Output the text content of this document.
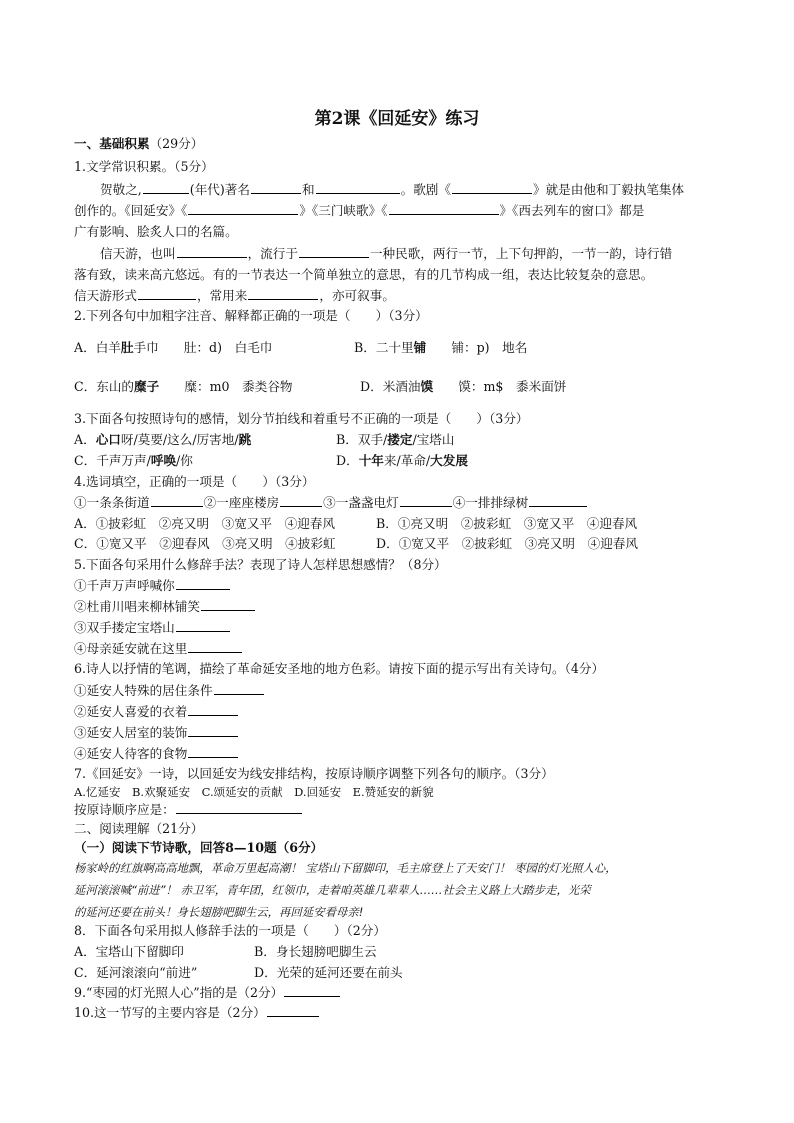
第2课《回延安》练习
一、基础积累（29分）
1.文学常识积累。（5分）
贺敬之,	(年代)著名	和	。歌剧《	》就是由他和丁毅执笔集体
创作的。《回延安》《	》《三门峡歌》《	》《西去列车的窗口》都是
广有影响、脍炙人口的名篇。
信天游，也叫	，流行于	一种民歌，两行一节，上下句押韵，一节一韵，诗行错
落有致，读来高亢悠远。有的一节表达一个简单独立的意思，有的几节构成一组，表达比较复杂的意思。
信天游形式	，常用来	，亦可叙事。
2.下列各句中加粗字注音、解释都正确的一项是（　　）（3分）
A．白羊肚手巾　　肚：d)　白毛巾	B．二十里铺　　铺：p)　地名
C．东山的糜子　　糜：m0　黍类谷物	D．米酒油馍　　馍：m$　黍米面饼
3.下面各句按照诗句的感情，划分节拍线和着重号不正确的一项是（　　）（3分）
A．心口呀/莫要/这么/厉害地/跳	B．双手/搂定/宝塔山
C．千声万声/呼唤/你	D．十年来/革命/大发展
4.选词填空，正确的一项是（　　）（3分）
①一条条街道	②一座座楼房	③一盏盏电灯	④一排排绿树
A．①披彩虹　②亮又明　③宽又平　④迎春风	B．①亮又明　②披彩虹　③宽又平　④迎春风
C．①宽又平　②迎春风　③亮又明　④披彩虹	D．①宽又平　②披彩虹　③亮又明　④迎春风
5.下面各句采用什么修辞手法？表现了诗人怎样思想感情？（8分）
①千声万声呼喊你
②杜甫川唱来柳林铺笑
③双手搂定宝塔山
④母亲延安就在这里
6.诗人以抒情的笔调，描绘了革命延安圣地的地方色彩。请按下面的提示写出有关诗句。（4分）
①延安人特殊的居住条件
②延安人喜爱的衣着
③延安人居室的装饰
④延安人待客的食物
7.《回延安》一诗，以回延安为线安排结构，按原诗顺序调整下列各句的顺序。（3分）
A.忆延安　B.欢聚延安　C.颂延安的贡献　D.回延安　E.赞延安的新貌
按原诗顺序应是：
二、阅读理解（21分）
（一）阅读下节诗歌，回答8—10题（6分）
杨家岭的红旗啊高高地飘，革命万里起高潮！ 宝塔山下留脚印，毛主席登上了天安门！ 枣园的灯光照人心，
延河滚滚喊“前进”！ 赤卫军，青年团，红领巾，走着咱英雄几辈辈人……社会主义路上大踏步走，光荣
的延河还要在前头！身长翅膀吧脚生云，再回延安看母亲!
8．下面各句采用拟人修辞手法的一项是（　　）（2分）
A．宝塔山下留脚印	B．身长翅膀吧脚生云
C．延河滚滚向“前进”	D．光荣的延河还要在前头
9.“枣园的灯光照人心”指的是（2分）
10.这一节写的主要内容是（2分）
